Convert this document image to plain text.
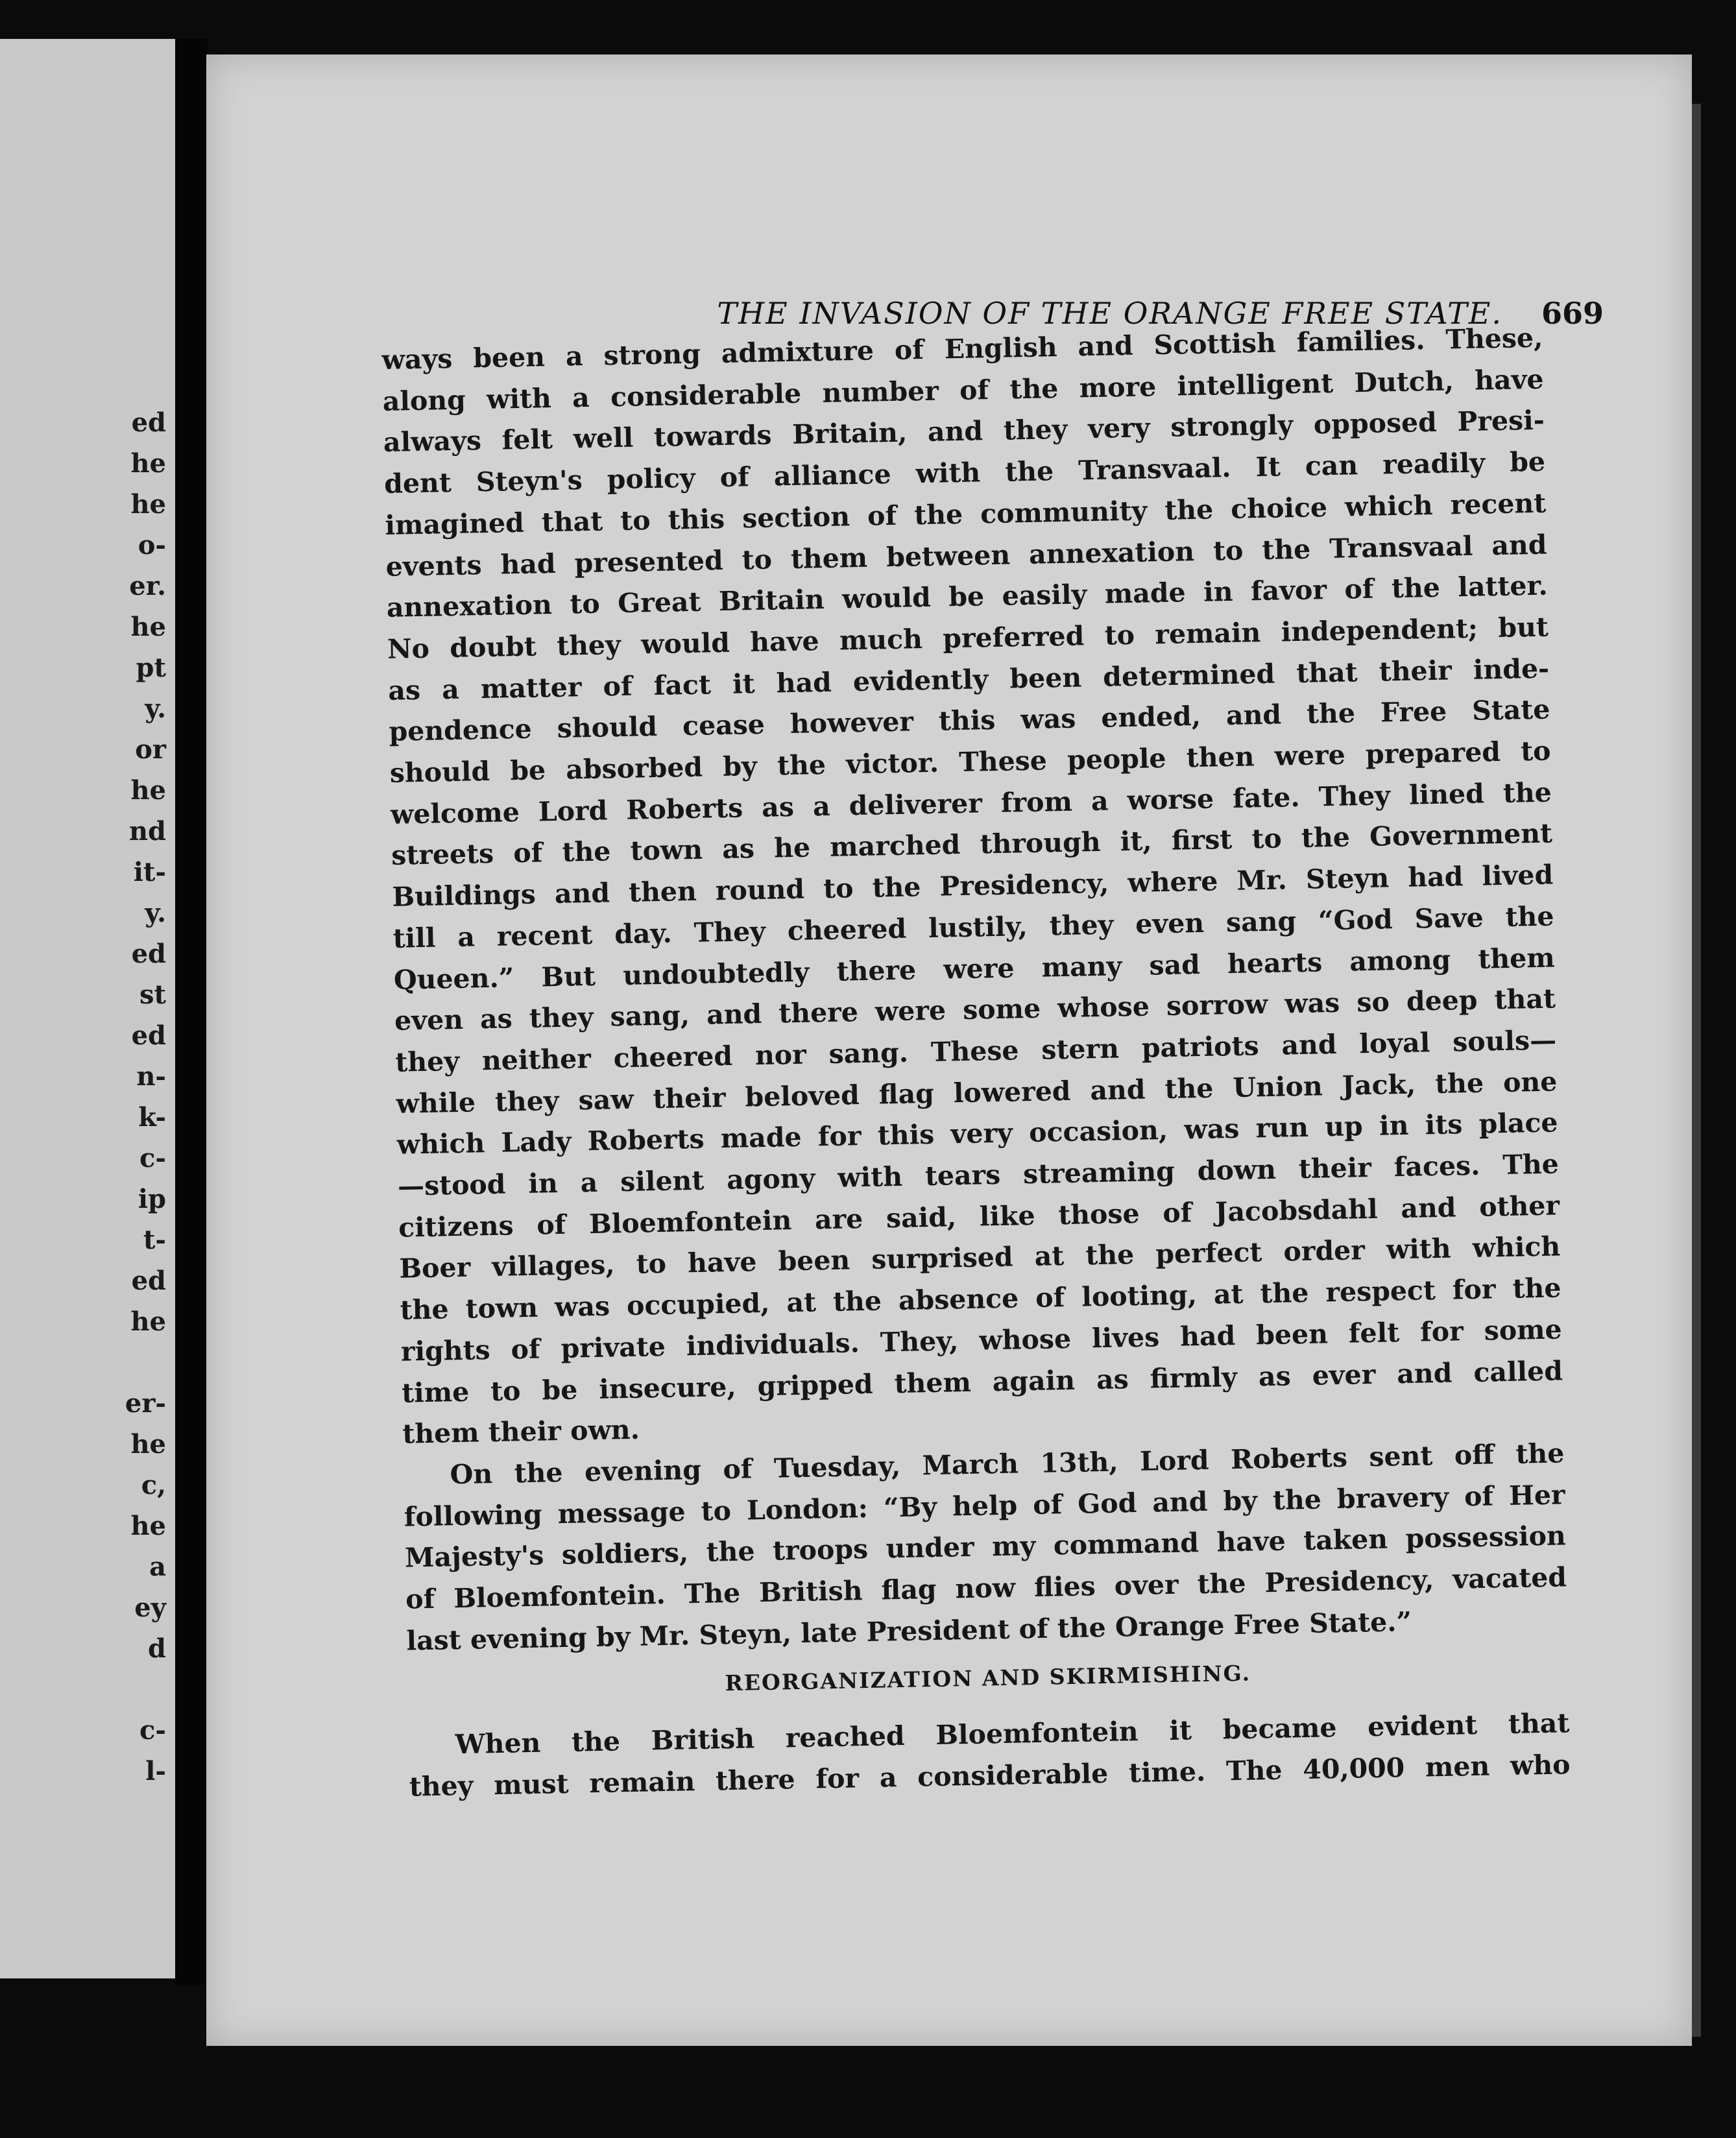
ed
he
he
o-
er.
he
pt
y.
or
he
nd
it-
y.
ed
st
ed
n-
k-
c-
ip
t-
ed
he
er-
he
c,
he
a
ey
d
c-
l-
THE INVASION OF THE ORANGE FREE STATE. 669
ways been a strong admixture of English and Scottish families. These,
along with a considerable number of the more intelligent Dutch, have
always felt well towards Britain, and they very strongly opposed Presi-
dent Steyn's policy of alliance with the Transvaal. It can readily be
imagined that to this section of the community the choice which recent
events had presented to them between annexation to the Transvaal and
annexation to Great Britain would be easily made in favor of the latter.
No doubt they would have much preferred to remain independent; but
as a matter of fact it had evidently been determined that their inde-
pendence should cease however this was ended, and the Free State
should be absorbed by the victor. These people then were prepared to
welcome Lord Roberts as a deliverer from a worse fate. They lined the
streets of the town as he marched through it, first to the Government
Buildings and then round to the Presidency, where Mr. Steyn had lived
till a recent day. They cheered lustily, they even sang “God Save the
Queen.” But undoubtedly there were many sad hearts among them
even as they sang, and there were some whose sorrow was so deep that
they neither cheered nor sang. These stern patriots and loyal souls—
while they saw their beloved flag lowered and the Union Jack, the one
which Lady Roberts made for this very occasion, was run up in its place
—stood in a silent agony with tears streaming down their faces. The
citizens of Bloemfontein are said, like those of Jacobsdahl and other
Boer villages, to have been surprised at the perfect order with which
the town was occupied, at the absence of looting, at the respect for the
rights of private individuals. They, whose lives had been felt for some
time to be insecure, gripped them again as firmly as ever and called
them their own.
On the evening of Tuesday, March 13th, Lord Roberts sent off the
following message to London: “By help of God and by the bravery of Her
Majesty's soldiers, the troops under my command have taken possession
of Bloemfontein. The British flag now flies over the Presidency, vacated
last evening by Mr. Steyn, late President of the Orange Free State.”
REORGANIZATION AND SKIRMISHING.
When the British reached Bloemfontein it became evident that
they must remain there for a considerable time. The 40,000 men who
